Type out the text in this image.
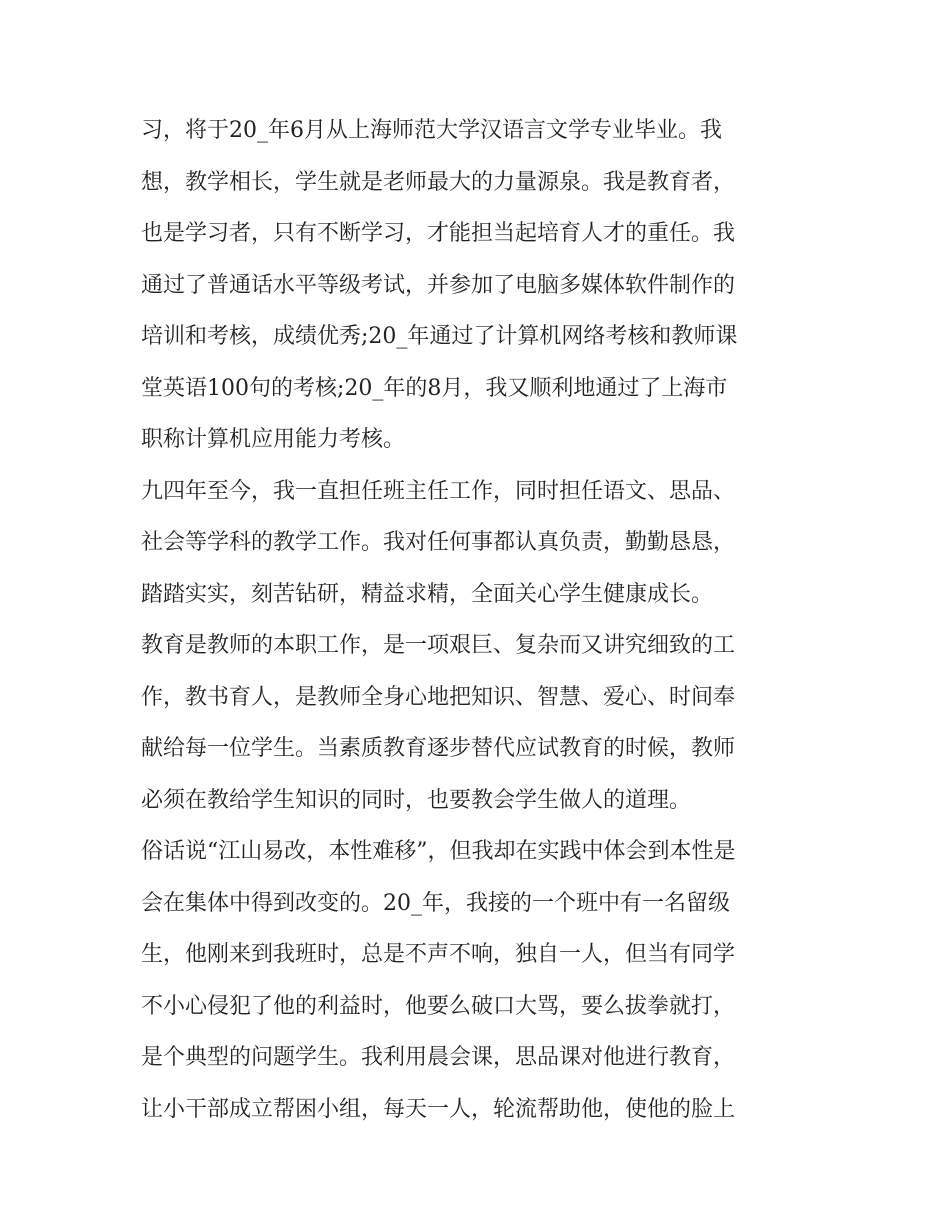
习，将于20_年6月从上海师范大学汉语言文学专业毕业。我
想，教学相长，学生就是老师最大的力量源泉。我是教育者，
也是学习者，只有不断学习，才能担当起培育人才的重任。我
通过了普通话水平等级考试，并参加了电脑多媒体软件制作的
培训和考核，成绩优秀;20_年通过了计算机网络考核和教师课
堂英语100句的考核;20_年的8月，我又顺利地通过了上海市
职称计算机应用能力考核。
九四年至今，我一直担任班主任工作，同时担任语文、思品、
社会等学科的教学工作。我对任何事都认真负责，勤勤恳恳，
踏踏实实，刻苦钻研，精益求精，全面关心学生健康成长。
教育是教师的本职工作，是一项艰巨、复杂而又讲究细致的工
作，教书育人，是教师全身心地把知识、智慧、爱心、时间奉
献给每一位学生。当素质教育逐步替代应试教育的时候，教师
必须在教给学生知识的同时，也要教会学生做人的道理。
俗话说“江山易改，本性难移”，但我却在实践中体会到本性是
会在集体中得到改变的。20_年，我接的一个班中有一名留级
生，他刚来到我班时，总是不声不响，独自一人，但当有同学
不小心侵犯了他的利益时，他要么破口大骂，要么拔拳就打，
是个典型的问题学生。我利用晨会课，思品课对他进行教育，
让小干部成立帮困小组，每天一人，轮流帮助他，使他的脸上
